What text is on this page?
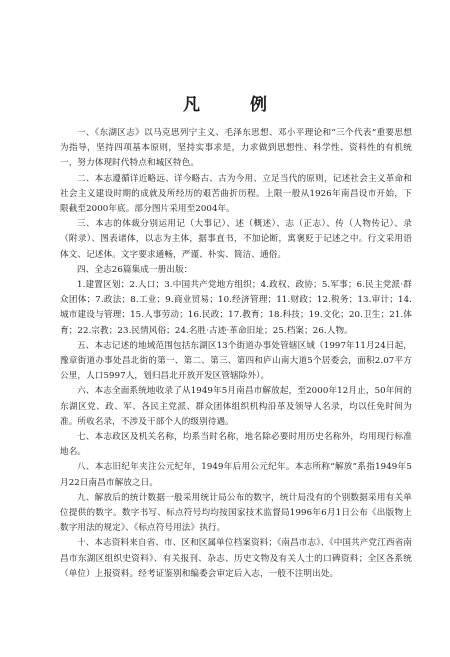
凡 例

一、《东湖区志》以马克思列宁主义、毛泽东思想、邓小平理论和“三个代表”重要思想为指导，坚持四项基本原则，坚持实事求是，力求做到思想性、科学性、资料性的有机统一，努力体现时代特点和城区特色。

二、本志遵循详近略远、详今略古、古为今用、立足当代的原则，记述社会主义革命和社会主义建设时期的成就及所经历的艰苦曲折历程。上限一般从1926年南昌设市开始，下限截至2000年底。部分图片采用至2004年。

三、本志的体裁分别运用记（大事记）、述（概述）、志（正志）、传（人物传记）、录（附录）、图表诸体，以志为主体，据事直书，不加论断，寓褒贬于记述之中。行文采用语体文、记述体。文字要求通畅，严谨、朴实、简洁、通俗。

四、全志26篇集成一册出版：

1.建置区划；2.人口；3.中国共产党地方组织；4.政权、政协；5.军事；6.民主党派·群众团体；7.政法；8.工业；9.商业贸易；10.经济管理；11.财政；12.税务；13.审计；14.城市建设与管理；15.人事劳动；16.民政；17.教育；18.科技；19.文化；20.卫生；21.体育；22.宗教；23.民情风俗；24.名胜·古迹·革命旧址；25.档案；26.人物。

五、本志记述的地域范围包括东湖区13个街道办事处管辖区域（1997年11月24日起，豫章街道办事处昌北街的第一、第二、第三、第四和庐山南大道5个居委会，面积2.07平方公里，人口5997人，划归昌北开放开发区管辖除外）。

六、本志全面系统地收录了从1949年5月南昌市解放起，至2000年12月止，50年间的东湖区党、政、军、各民主党派、群众团体组织机构沿革及领导人名录，均以任免时间为准。所收名录，不涉及干部个人的级别待遇。

七、本志政区及机关名称，均系当时名称，地名除必要时用历史名称外，均用现行标准地名。

八、本志旧纪年夹注公元纪年，1949年后用公元纪年。本志所称“解放”系指1949年5月22日南昌市解放之日。

九、解放后的统计数据一般采用统计局公布的数字，统计局没有的个别数据采用有关单位提供的数字。数字书写、标点符号均均按国家技术监督局1996年6月1日公布《出版物上数字用法的规定》、《标点符号用法》执行。

十、本志资料来自省、市、区和区属单位档案资料；《南昌市志》、《中国共产党江西省南昌市东湖区组织史资料》、有关报刊、杂志、历史文物及有关人士的口碑资料；全区各系统（单位）上报资料。经考证鉴别和编委会审定后入志，一般不注明出处。
